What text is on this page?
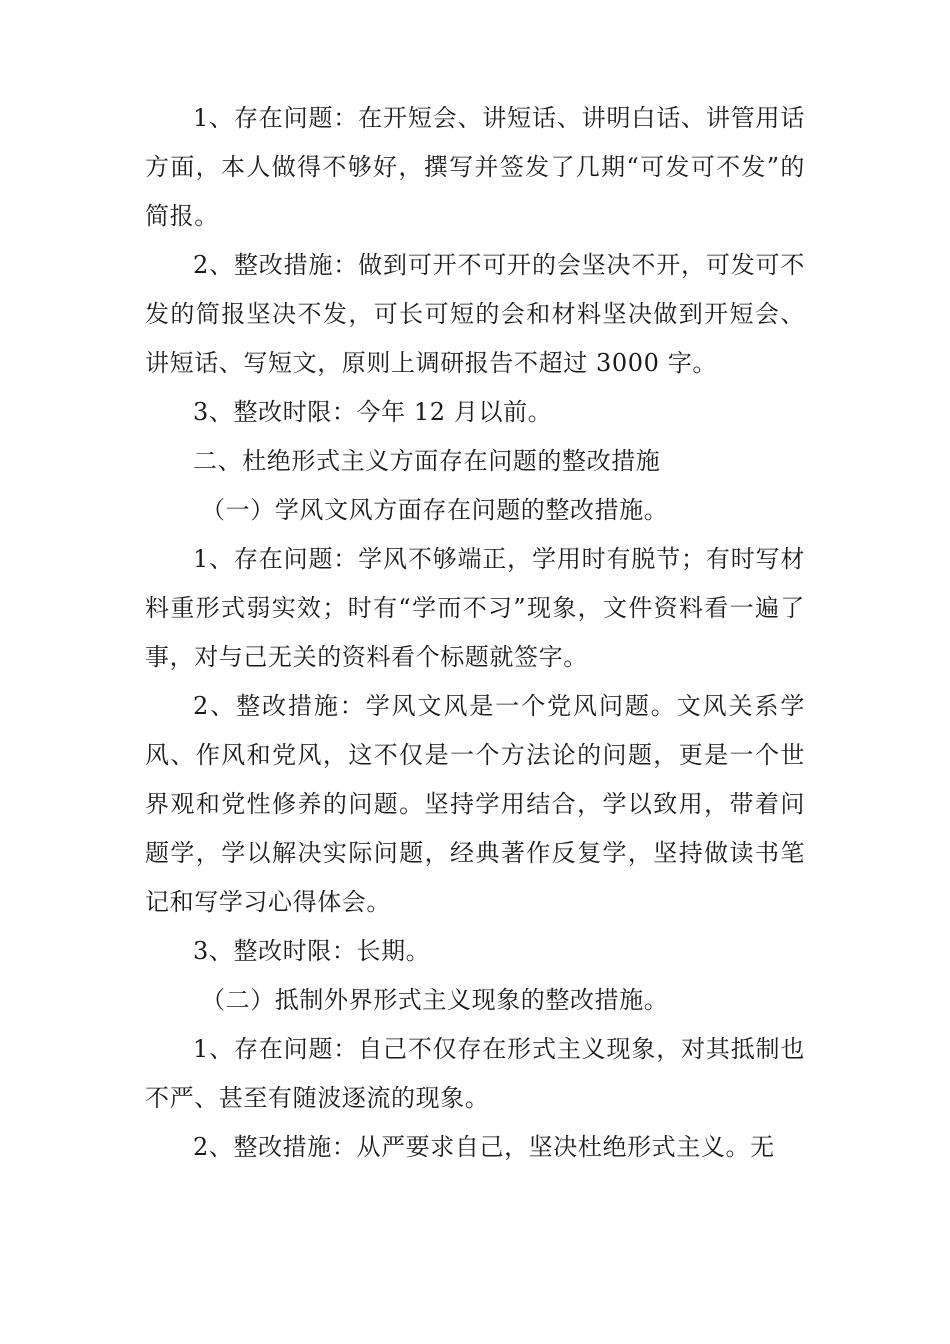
1、存在问题：在开短会、讲短话、讲明白话、讲管用话方面，本人做得不够好，撰写并签发了几期“可发可不发”的简报。

2、整改措施：做到可开不可开的会坚决不开，可发可不发的简报坚决不发，可长可短的会和材料坚决做到开短会、讲短话、写短文，原则上调研报告不超过 3000 字。

3、整改时限：今年 12 月以前。

二、杜绝形式主义方面存在问题的整改措施

（一）学风文风方面存在问题的整改措施。

1、存在问题：学风不够端正，学用时有脱节；有时写材料重形式弱实效；时有“学而不习”现象，文件资料看一遍了事，对与己无关的资料看个标题就签字。

2、整改措施：学风文风是一个党风问题。文风关系学风、作风和党风，这不仅是一个方法论的问题，更是一个世界观和党性修养的问题。坚持学用结合，学以致用，带着问题学，学以解决实际问题，经典著作反复学，坚持做读书笔记和写学习心得体会。

3、整改时限：长期。

（二）抵制外界形式主义现象的整改措施。

1、存在问题：自己不仅存在形式主义现象，对其抵制也不严、甚至有随波逐流的现象。

2、整改措施：从严要求自己，坚决杜绝形式主义。无
